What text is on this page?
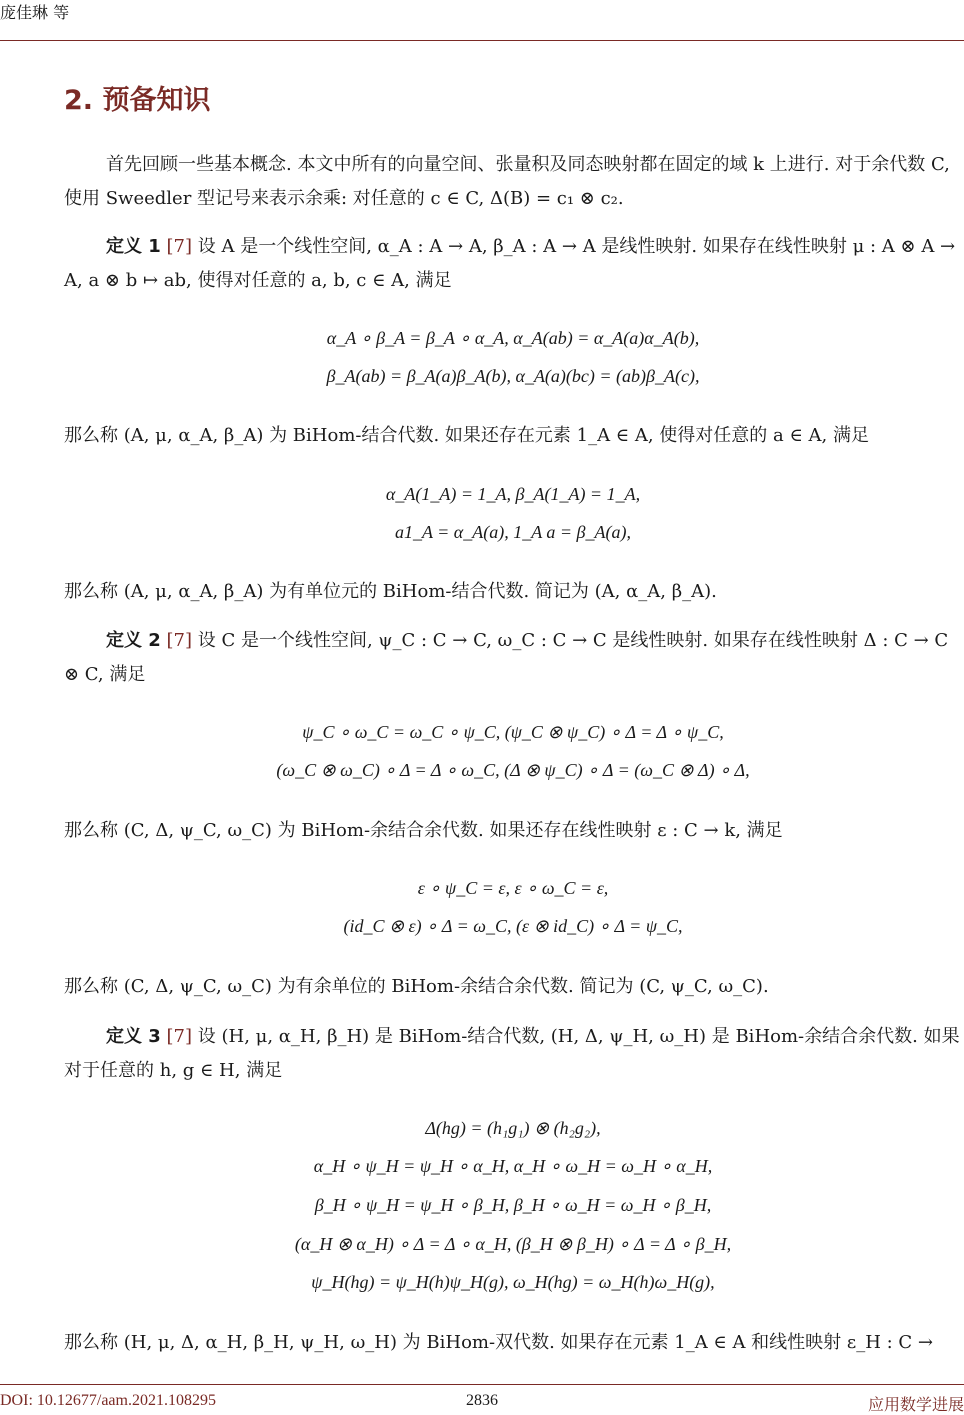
庞佳琳 等
2. 预备知识

首先回顾一些基本概念. 本文中所有的向量空间、张量积及同态映射都在固定的域 k 上进行. 对于余代数 C, 使用 Sweedler 型记号来表示余乘: 对任意的 c ∈ C, Δ(B) = c₁ ⊗ c₂.

定义 1 [7] 设 A 是一个线性空间, α_A : A → A, β_A : A → A 是线性映射. 如果存在线性映射 μ : A ⊗ A → A, a ⊗ b ↦ ab, 使得对任意的 a, b, c ∈ A, 满足

α_A ∘ β_A = β_A ∘ α_A, α_A(ab) = α_A(a)α_A(b),
β_A(ab) = β_A(a)β_A(b), α_A(a)(bc) = (ab)β_A(c),

那么称 (A, μ, α_A, β_A) 为 BiHom-结合代数. 如果还存在元素 1_A ∈ A, 使得对任意的 a ∈ A, 满足

α_A(1_A) = 1_A, β_A(1_A) = 1_A,
a1_A = α_A(a), 1_A a = β_A(a),

那么称 (A, μ, α_A, β_A) 为有单位元的 BiHom-结合代数. 简记为 (A, α_A, β_A).

定义 2 [7] 设 C 是一个线性空间, ψ_C : C → C, ω_C : C → C 是线性映射. 如果存在线性映射 Δ : C → C ⊗ C, 满足

ψ_C ∘ ω_C = ω_C ∘ ψ_C, (ψ_C ⊗ ψ_C) ∘ Δ = Δ ∘ ψ_C,
(ω_C ⊗ ω_C) ∘ Δ = Δ ∘ ω_C, (Δ ⊗ ψ_C) ∘ Δ = (ω_C ⊗ Δ) ∘ Δ,

那么称 (C, Δ, ψ_C, ω_C) 为 BiHom-余结合余代数. 如果还存在线性映射 ε : C → k, 满足

ε ∘ ψ_C = ε, ε ∘ ω_C = ε,
(id_C ⊗ ε) ∘ Δ = ω_C, (ε ⊗ id_C) ∘ Δ = ψ_C,

那么称 (C, Δ, ψ_C, ω_C) 为有余单位的 BiHom-余结合余代数. 简记为 (C, ψ_C, ω_C).

定义 3 [7] 设 (H, μ, α_H, β_H) 是 BiHom-结合代数, (H, Δ, ψ_H, ω_H) 是 BiHom-余结合余代数. 如果对于任意的 h, g ∈ H, 满足

Δ(hg) = (h₁g₁) ⊗ (h₂g₂),
α_H ∘ ψ_H = ψ_H ∘ α_H, α_H ∘ ω_H = ω_H ∘ α_H,
β_H ∘ ψ_H = ψ_H ∘ β_H, β_H ∘ ω_H = ω_H ∘ β_H,
(α_H ⊗ α_H) ∘ Δ = Δ ∘ α_H, (β_H ⊗ β_H) ∘ Δ = Δ ∘ β_H,
ψ_H(hg) = ψ_H(h)ψ_H(g), ω_H(hg) = ω_H(h)ω_H(g),

那么称 (H, μ, Δ, α_H, β_H, ψ_H, ω_H) 为 BiHom-双代数. 如果存在元素 1_A ∈ A 和线性映射 ε_H : C →

DOI: 10.12677/aam.2021.108295	2836	应用数学进展
